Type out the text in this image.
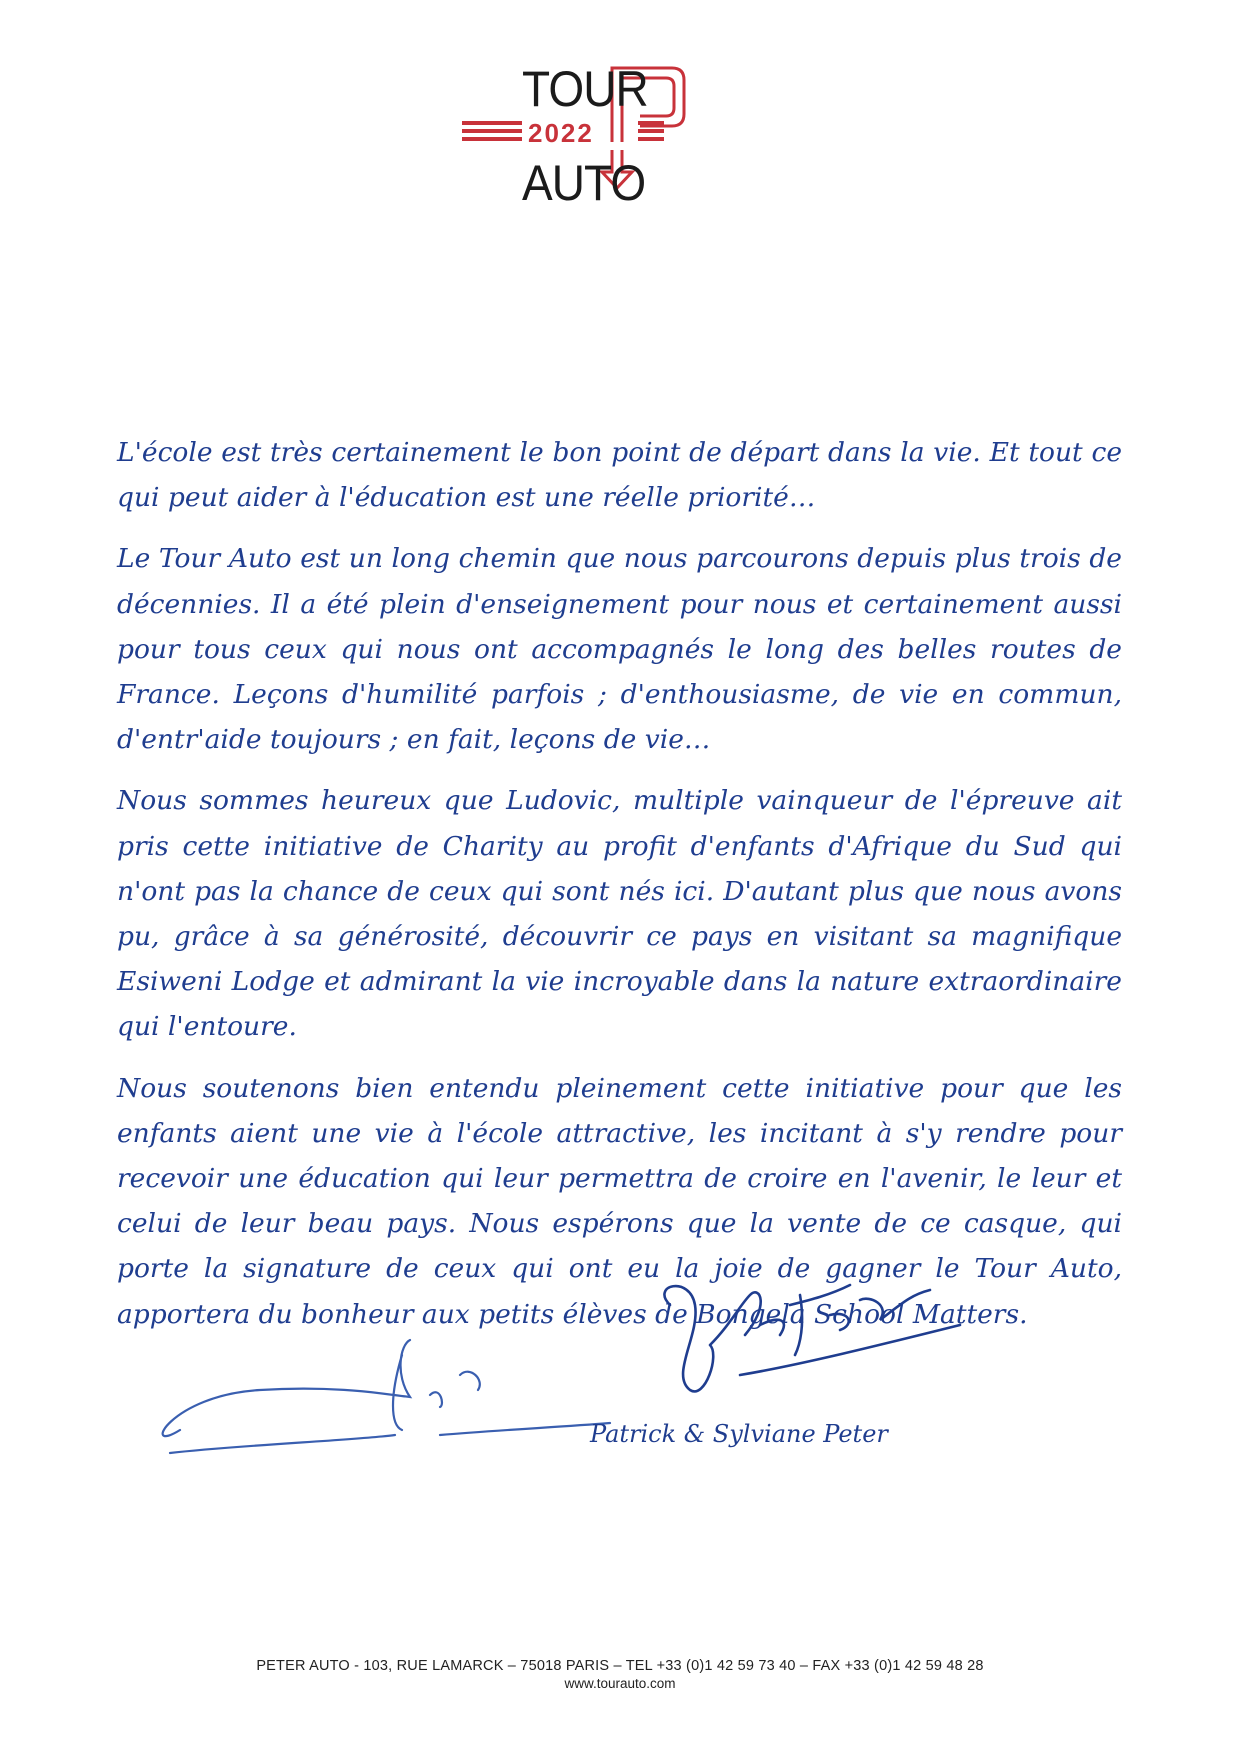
TOUR
2022
AUTO

L'école est très certainement le bon point de départ dans la vie. Et tout ce qui peut aider à l'éducation est une réelle priorité…

Le Tour Auto est un long chemin que nous parcourons depuis plus trois de décennies. Il a été plein d'enseignement pour nous et certainement aussi pour tous ceux qui nous ont accompagnés le long des belles routes de France. Leçons d'humilité parfois ; d'enthousiasme, de vie en commun, d'entr'aide toujours ; en fait, leçons de vie…

Nous sommes heureux que Ludovic, multiple vainqueur de l'épreuve ait pris cette initiative de Charity au profit d'enfants d'Afrique du Sud qui n'ont pas la chance de ceux qui sont nés ici. D'autant plus que nous avons pu, grâce à sa générosité, découvrir ce pays en visitant sa magnifique Esiweni Lodge et admirant la vie incroyable dans la nature extraordinaire qui l'entoure.

Nous soutenons bien entendu pleinement cette initiative pour que les enfants aient une vie à l'école attractive, les incitant à s'y rendre pour recevoir une éducation qui leur permettra de croire en l'avenir, le leur et celui de leur beau pays. Nous espérons que la vente de ce casque, qui porte la signature de ceux qui ont eu la joie de gagner le Tour Auto, apportera du bonheur aux petits élèves de Bongela School Matters.

Patrick & Sylviane Peter
PETER AUTO - 103, RUE LAMARCK – 75018 PARIS – TEL +33 (0)1 42 59 73 40 – FAX +33 (0)1 42 59 48 28
www.tourauto.com
